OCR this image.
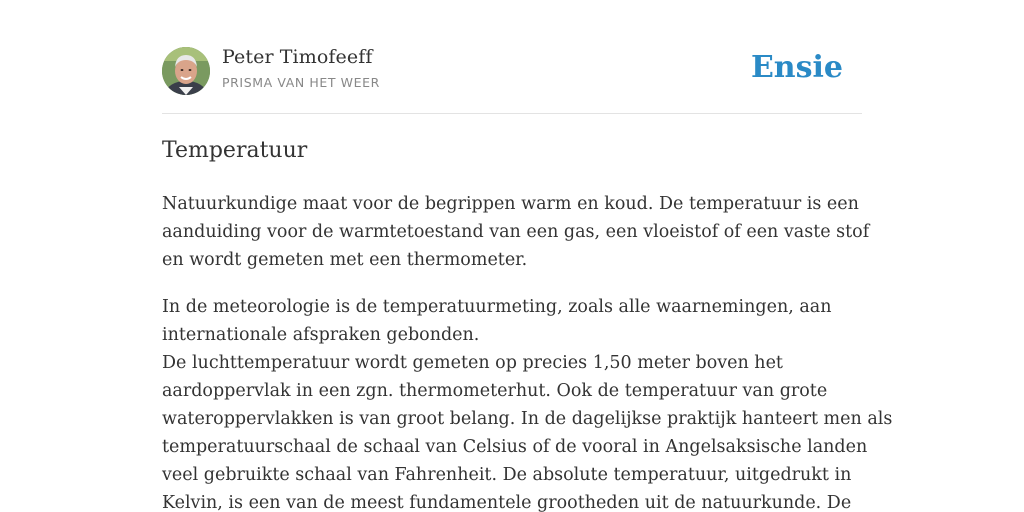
Peter Timofeeff
PRISMA VAN HET WEER	Ensie
Temperatuur

Natuurkundige maat voor de begrippen warm en koud. De temperatuur is een
aanduiding voor de warmtetoestand van een gas, een vloeistof of een vaste stof
en wordt gemeten met een thermometer.

In de meteorologie is de temperatuurmeting, zoals alle waarnemingen, aan
internationale afspraken gebonden.
De luchttemperatuur wordt gemeten op precies 1,50 meter boven het
aardoppervlak in een zgn. thermometerhut. Ook de temperatuur van grote
wateroppervlakken is van groot belang. In de dagelijkse praktijk hanteert men als
temperatuurschaal de schaal van Celsius of de vooral in Angelsaksische landen
veel gebruikte schaal van Fahrenheit. De absolute temperatuur, uitgedrukt in
Kelvin, is een van de meest fundamentele grootheden uit de natuurkunde. De
